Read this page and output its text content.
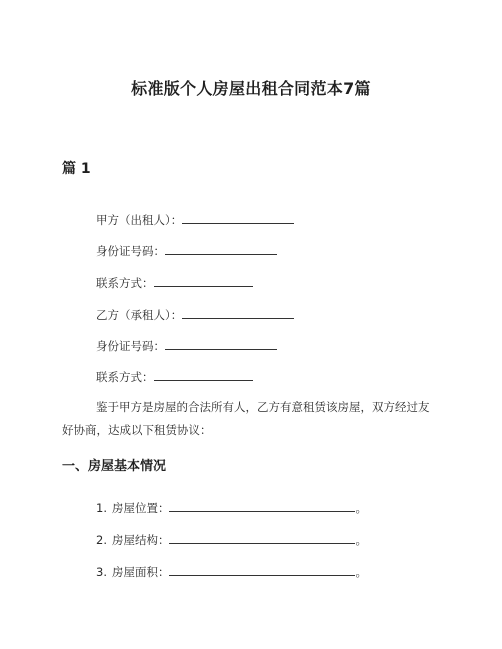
标准版个人房屋出租合同范本7篇
篇 1
甲方（出租人）：
身份证号码：
联系方式：
乙方（承租人）：
身份证号码：
联系方式：
鉴于甲方是房屋的合法所有人，乙方有意租赁该房屋，双方经过友好协商，达成以下租赁协议：
一、房屋基本情况
1. 房屋位置：	。
2. 房屋结构：	。
3. 房屋面积：	。
